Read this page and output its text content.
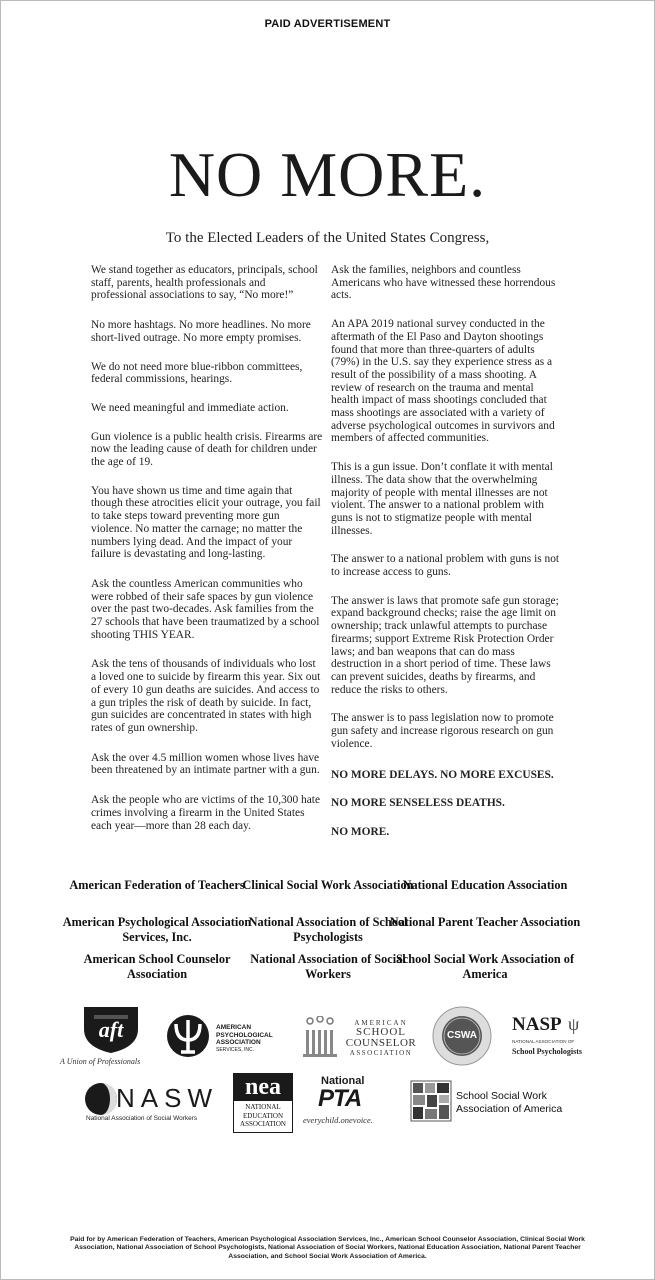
PAID ADVERTISEMENT
NO MORE.
To the Elected Leaders of the United States Congress,

We stand together as educators, principals, school staff, parents, health professionals and professional associations to say, “No more!”

No more hashtags. No more headlines. No more short-lived outrage. No more empty promises.

We do not need more blue-ribbon committees, federal commissions, hearings.

We need meaningful and immediate action.

Gun violence is a public health crisis. Firearms are now the leading cause of death for children under the age of 19.

You have shown us time and time again that though these atrocities elicit your outrage, you fail to take steps toward preventing more gun violence. No matter the carnage; no matter the numbers lying dead. And the impact of your failure is devastating and long-lasting.

Ask the countless American communities who were robbed of their safe spaces by gun violence over the past two-decades. Ask families from the 27 schools that have been traumatized by a school shooting THIS YEAR.

Ask the tens of thousands of individuals who lost a loved one to suicide by firearm this year. Six out of every 10 gun deaths are suicides. And access to a gun triples the risk of death by suicide. In fact, gun suicides are concentrated in states with high rates of gun ownership.

Ask the over 4.5 million women whose lives have been threatened by an intimate partner with a gun.

Ask the people who are victims of the 10,300 hate crimes involving a firearm in the United States each year—more than 28 each day.

Ask the families, neighbors and countless Americans who have witnessed these horrendous acts.

An APA 2019 national survey conducted in the aftermath of the El Paso and Dayton shootings found that more than three-quarters of adults (79%) in the U.S. say they experience stress as a result of the possibility of a mass shooting. A review of research on the trauma and mental health impact of mass shootings concluded that mass shootings are associated with a variety of adverse psychological outcomes in survivors and members of affected communities.

This is a gun issue. Don’t conflate it with mental illness. The data show that the overwhelming majority of people with mental illnesses are not violent. The answer to a national problem with guns is not to stigmatize people with mental illnesses.

The answer to a national problem with guns is not to increase access to guns.

The answer is laws that promote safe gun storage; expand background checks; raise the age limit on ownership; track unlawful attempts to purchase firearms; support Extreme Risk Protection Order laws; and ban weapons that can do mass destruction in a short period of time. These laws can prevent suicides, deaths by firearms, and reduce the risks to others.

The answer is to pass legislation now to promote gun safety and increase rigorous research on gun violence.

NO MORE DELAYS. NO MORE EXCUSES.

NO MORE SENSELESS DEATHS.

NO MORE.

American Federation of Teachers
Clinical Social Work Association
National Education Association
American Psychological Association Services, Inc.
National Association of School Psychologists
National Parent Teacher Association
American School Counselor Association
National Association of Social Workers
School Social Work Association of America
aft
A Union of Professionals
AMERICAN
PSYCHOLOGICAL
ASSOCIATION
SERVICES, INC.
AMERICAN
SCHOOL
COUNSELOR
ASSOCIATION
CSWA
NASP ψ
NATIONAL ASSOCIATION OF
School Psychologists
NASW
National Association of Social Workers
nea
NATIONAL
EDUCATION
ASSOCIATION
National
PTA
everychild.onevoice.
School Social Work
Association of America
Paid for by American Federation of Teachers, American Psychological Association Services, Inc., American School Counselor Association, Clinical Social Work Association, National Association of School Psychologists, National Association of Social Workers, National Education Association, National Parent Teacher Association, and School Social Work Association of America.
